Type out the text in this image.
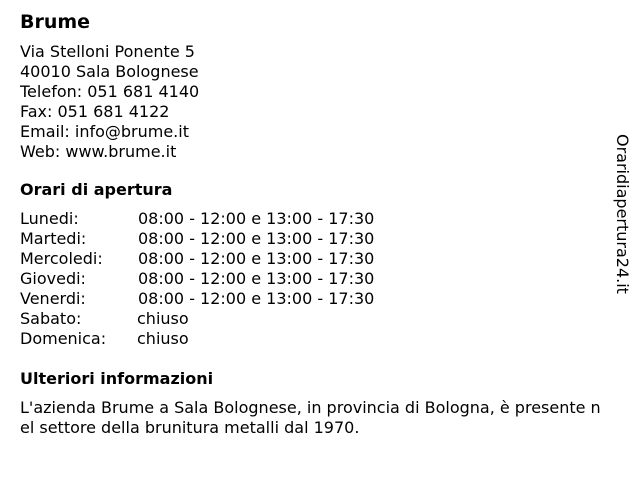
Brume
Via Stelloni Ponente 5
40010 Sala Bolognese
Telefon: 051 681 4140
Fax: 051 681 4122
Email: info@brume.it
Web: www.brume.it
Orari di apertura
Lunedi:	08:00 - 12:00 e 13:00 - 17:30
Martedi:	08:00 - 12:00 e 13:00 - 17:30
Mercoledi: 08:00 - 12:00 e 13:00 - 17:30
Giovedi:	08:00 - 12:00 e 13:00 - 17:30
Venerdi:	08:00 - 12:00 e 13:00 - 17:30
Sabato:	chiuso
Domenica: chiuso
Ulteriori informazioni
L'azienda Brume a Sala Bolognese, in provincia di Bologna, è presente nel settore della brunitura metalli dal 1970.
Oraridiapertura24.it
